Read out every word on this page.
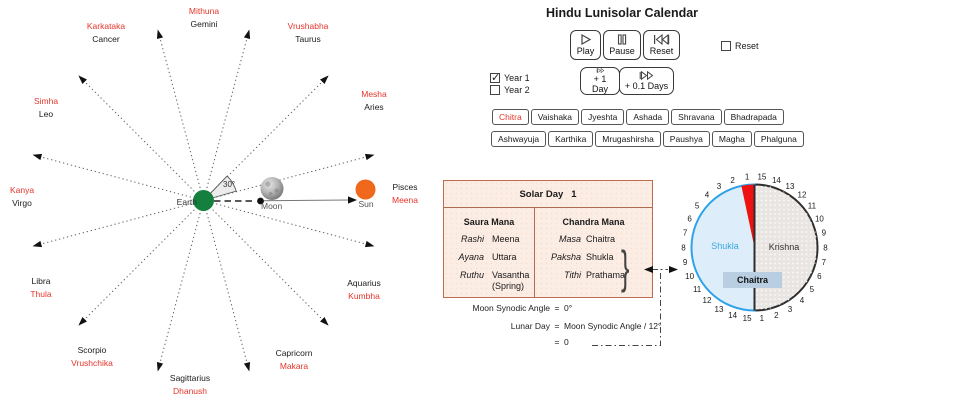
Karkataka
Cancer
Mithuna
Gemini	Vrushabha
Taurus
Simha
Leo
Mesha
Aries
Kanya
Virgo
Pisces
Meena
Libra
Thula
Aquarius
Kumbha
Scorpio
Vrushchika
Capricorn
Makara
Sagittarius
Dhanush
Earth	Moon	Sun
30°
Hindu Lunisolar Calendar
Play Pause Reset	Reset
✓
Year 1
Year 2
+ 1 Day	+ 0.1 Days
Chitra	Vaishaka	Jyeshta	Ashada	Shravana	Bhadrapada
Ashwayuja	Karthika	Mrugashirsha	Paushya	Magha	Phalguna
Solar Day 1
Saura Mana
Rashi Meena
Ayana Uttara
Ruthu Vasantha
(Spring)
Chandra Mana
Masa Chaitra
Paksha Shukla
Tithi Prathama
}
Moon Synodic Angle = 0°
Lunar Day = Moon Synodic Angle / 12°
= 0
1
2
3
4
5
6
7
8
9
10
11
12
13
14 15 1 2
3
4
5
6
7
8
9
10
11
12
13
14
15
Shukla	Krishna
Chaitra
